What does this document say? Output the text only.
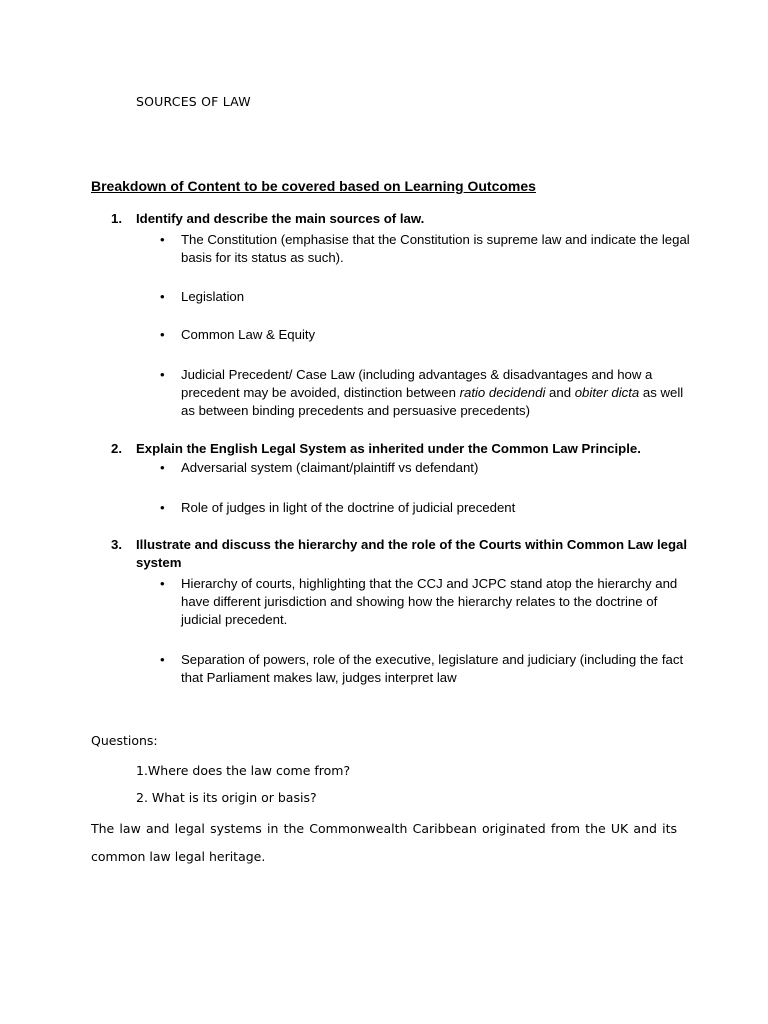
SOURCES OF LAW
Breakdown of Content to be covered based on Learning Outcomes
1.	Identify and describe the main sources of law.
•	The Constitution (emphasise that the Constitution is supreme law and indicate the legal basis for its status as such).
•	Legislation
•	Common Law & Equity
•	Judicial Precedent/ Case Law (including advantages & disadvantages and how a precedent may be avoided, distinction between ratio decidendi and obiter dicta as well as between binding precedents and persuasive precedents)
2.	Explain the English Legal System as inherited under the Common Law Principle.
•	Adversarial system (claimant/plaintiff vs defendant)
•	Role of judges in light of the doctrine of judicial precedent
3.	Illustrate and discuss the hierarchy and the role of the Courts within Common Law legal system
•	Hierarchy of courts, highlighting that the CCJ and JCPC stand atop the hierarchy and have different jurisdiction and showing how the hierarchy relates to the doctrine of judicial precedent.
•	Separation of powers, role of the executive, legislature and judiciary (including the fact that Parliament makes law, judges interpret law

Questions:

1.Where does the law come from?

2. What is its origin or basis?

The law and legal systems in the Commonwealth Caribbean originated from the UK and its common law legal heritage.
